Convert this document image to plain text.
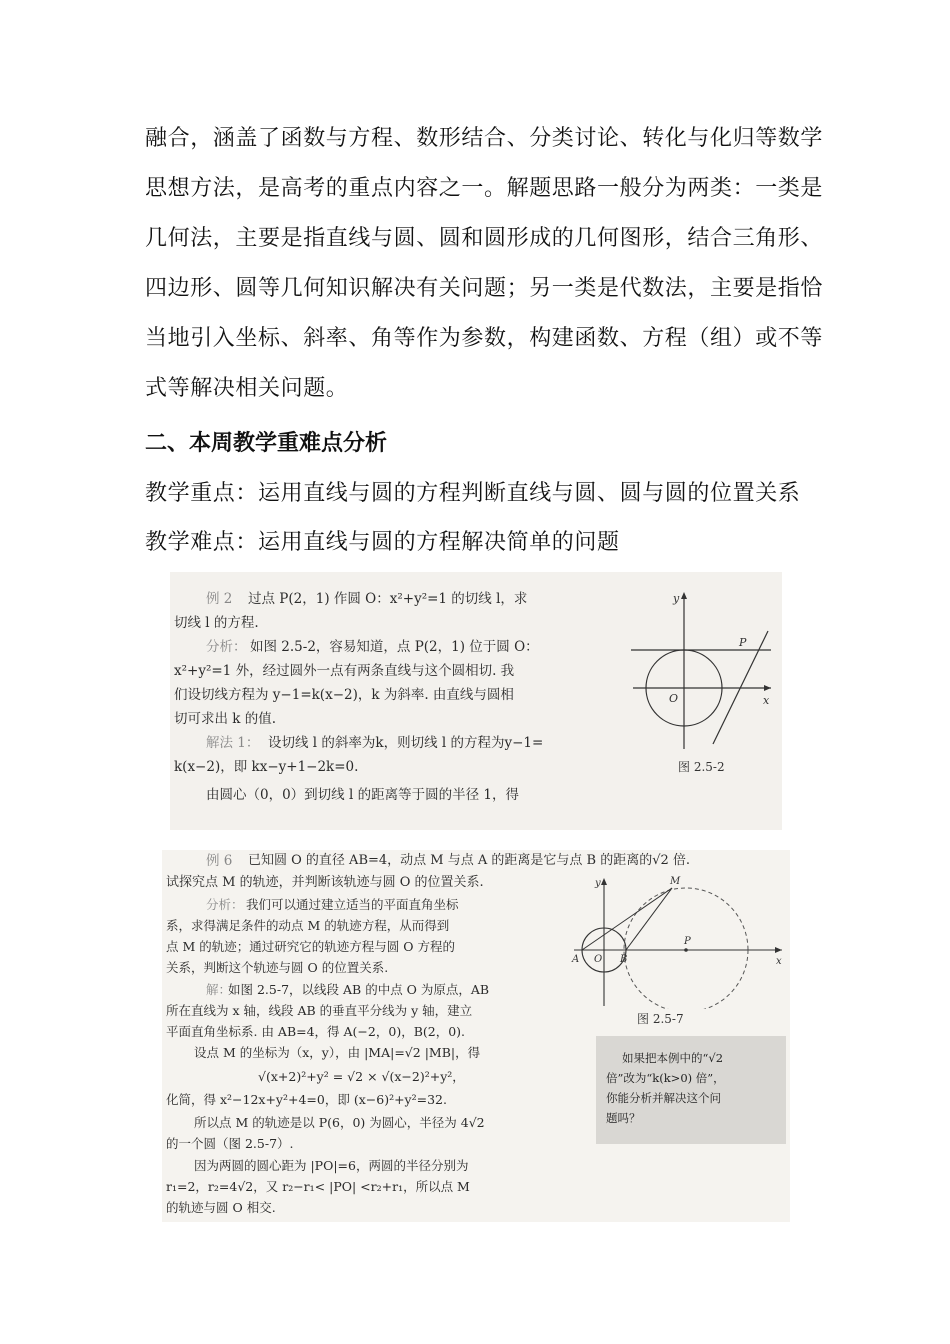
融合，涵盖了函数与方程、数形结合、分类讨论、转化与化归等数学
思想方法，是高考的重点内容之一。解题思路一般分为两类：一类是
几何法，主要是指直线与圆、圆和圆形成的几何图形，结合三角形、
四边形、圆等几何知识解决有关问题；另一类是代数法，主要是指恰
当地引入坐标、斜率、角等作为参数，构建函数、方程（组）或不等
式等解决相关问题。
二、本周教学重难点分析
教学重点：运用直线与圆的方程判断直线与圆、圆与圆的位置关系
教学难点：运用直线与圆的方程解决简单的问题
例 2 过点 P(2，1) 作圆 O：x²+y²=1 的切线 l，求
切线 l 的方程.
分析： 如图 2.5-2，容易知道，点 P(2，1) 位于圆 O：
x²+y²=1 外，经过圆外一点有两条直线与这个圆相切. 我
们设切线方程为 y−1=k(x−2)，k 为斜率. 由直线与圆相
切可求出 k 的值.
解法 1： 设切线 l 的斜率为k，则切线 l 的方程为y−1=
k(x−2)，即 kx−y+1−2k=0.
由圆心（0，0）到切线 l 的距离等于圆的半径 1，得
y
x
O
P
图 2.5-2
例 6 已知圆 O 的直径 AB=4，动点 M 与点 A 的距离是它与点 B 的距离的√2 倍.
试探究点 M 的轨迹，并判断该轨迹与圆 O 的位置关系.
分析： 我们可以通过建立适当的平面直角坐标
系，求得满足条件的动点 M 的轨迹方程，从而得到
点 M 的轨迹；通过研究它的轨迹方程与圆 O 方程的
关系，判断这个轨迹与圆 O 的位置关系.
解：
如图 2.5-7，以线段 AB 的中点 O 为原点，AB
所在直线为 x 轴，线段 AB 的垂直平分线为 y 轴，建立
平面直角坐标系. 由 AB=4，得 A(−2，0)，B(2，0).
设点 M 的坐标为（x，y），由 |MA|=√2 |MB|，得
√(x+2)²+y² = √2 × √(x−2)²+y²，
化简，得 x²−12x+y²+4=0，即 (x−6)²+y²=32.
所以点 M 的轨迹是以 P(6，0) 为圆心，半径为 4√2
的一个圆（图 2.5-7）.
因为两圆的圆心距为 |PO|=6，两圆的半径分别为
r₁=2，r₂=4√2，又 r₂−r₁< |PO| <r₂+r₁，所以点 M
的轨迹与圆 O 相交.
y
x
M
A O B
P
图 2.5-7
如果把本例中的“√2
倍”改为“k(k>0) 倍”，
你能分析并解决这个问
题吗？
